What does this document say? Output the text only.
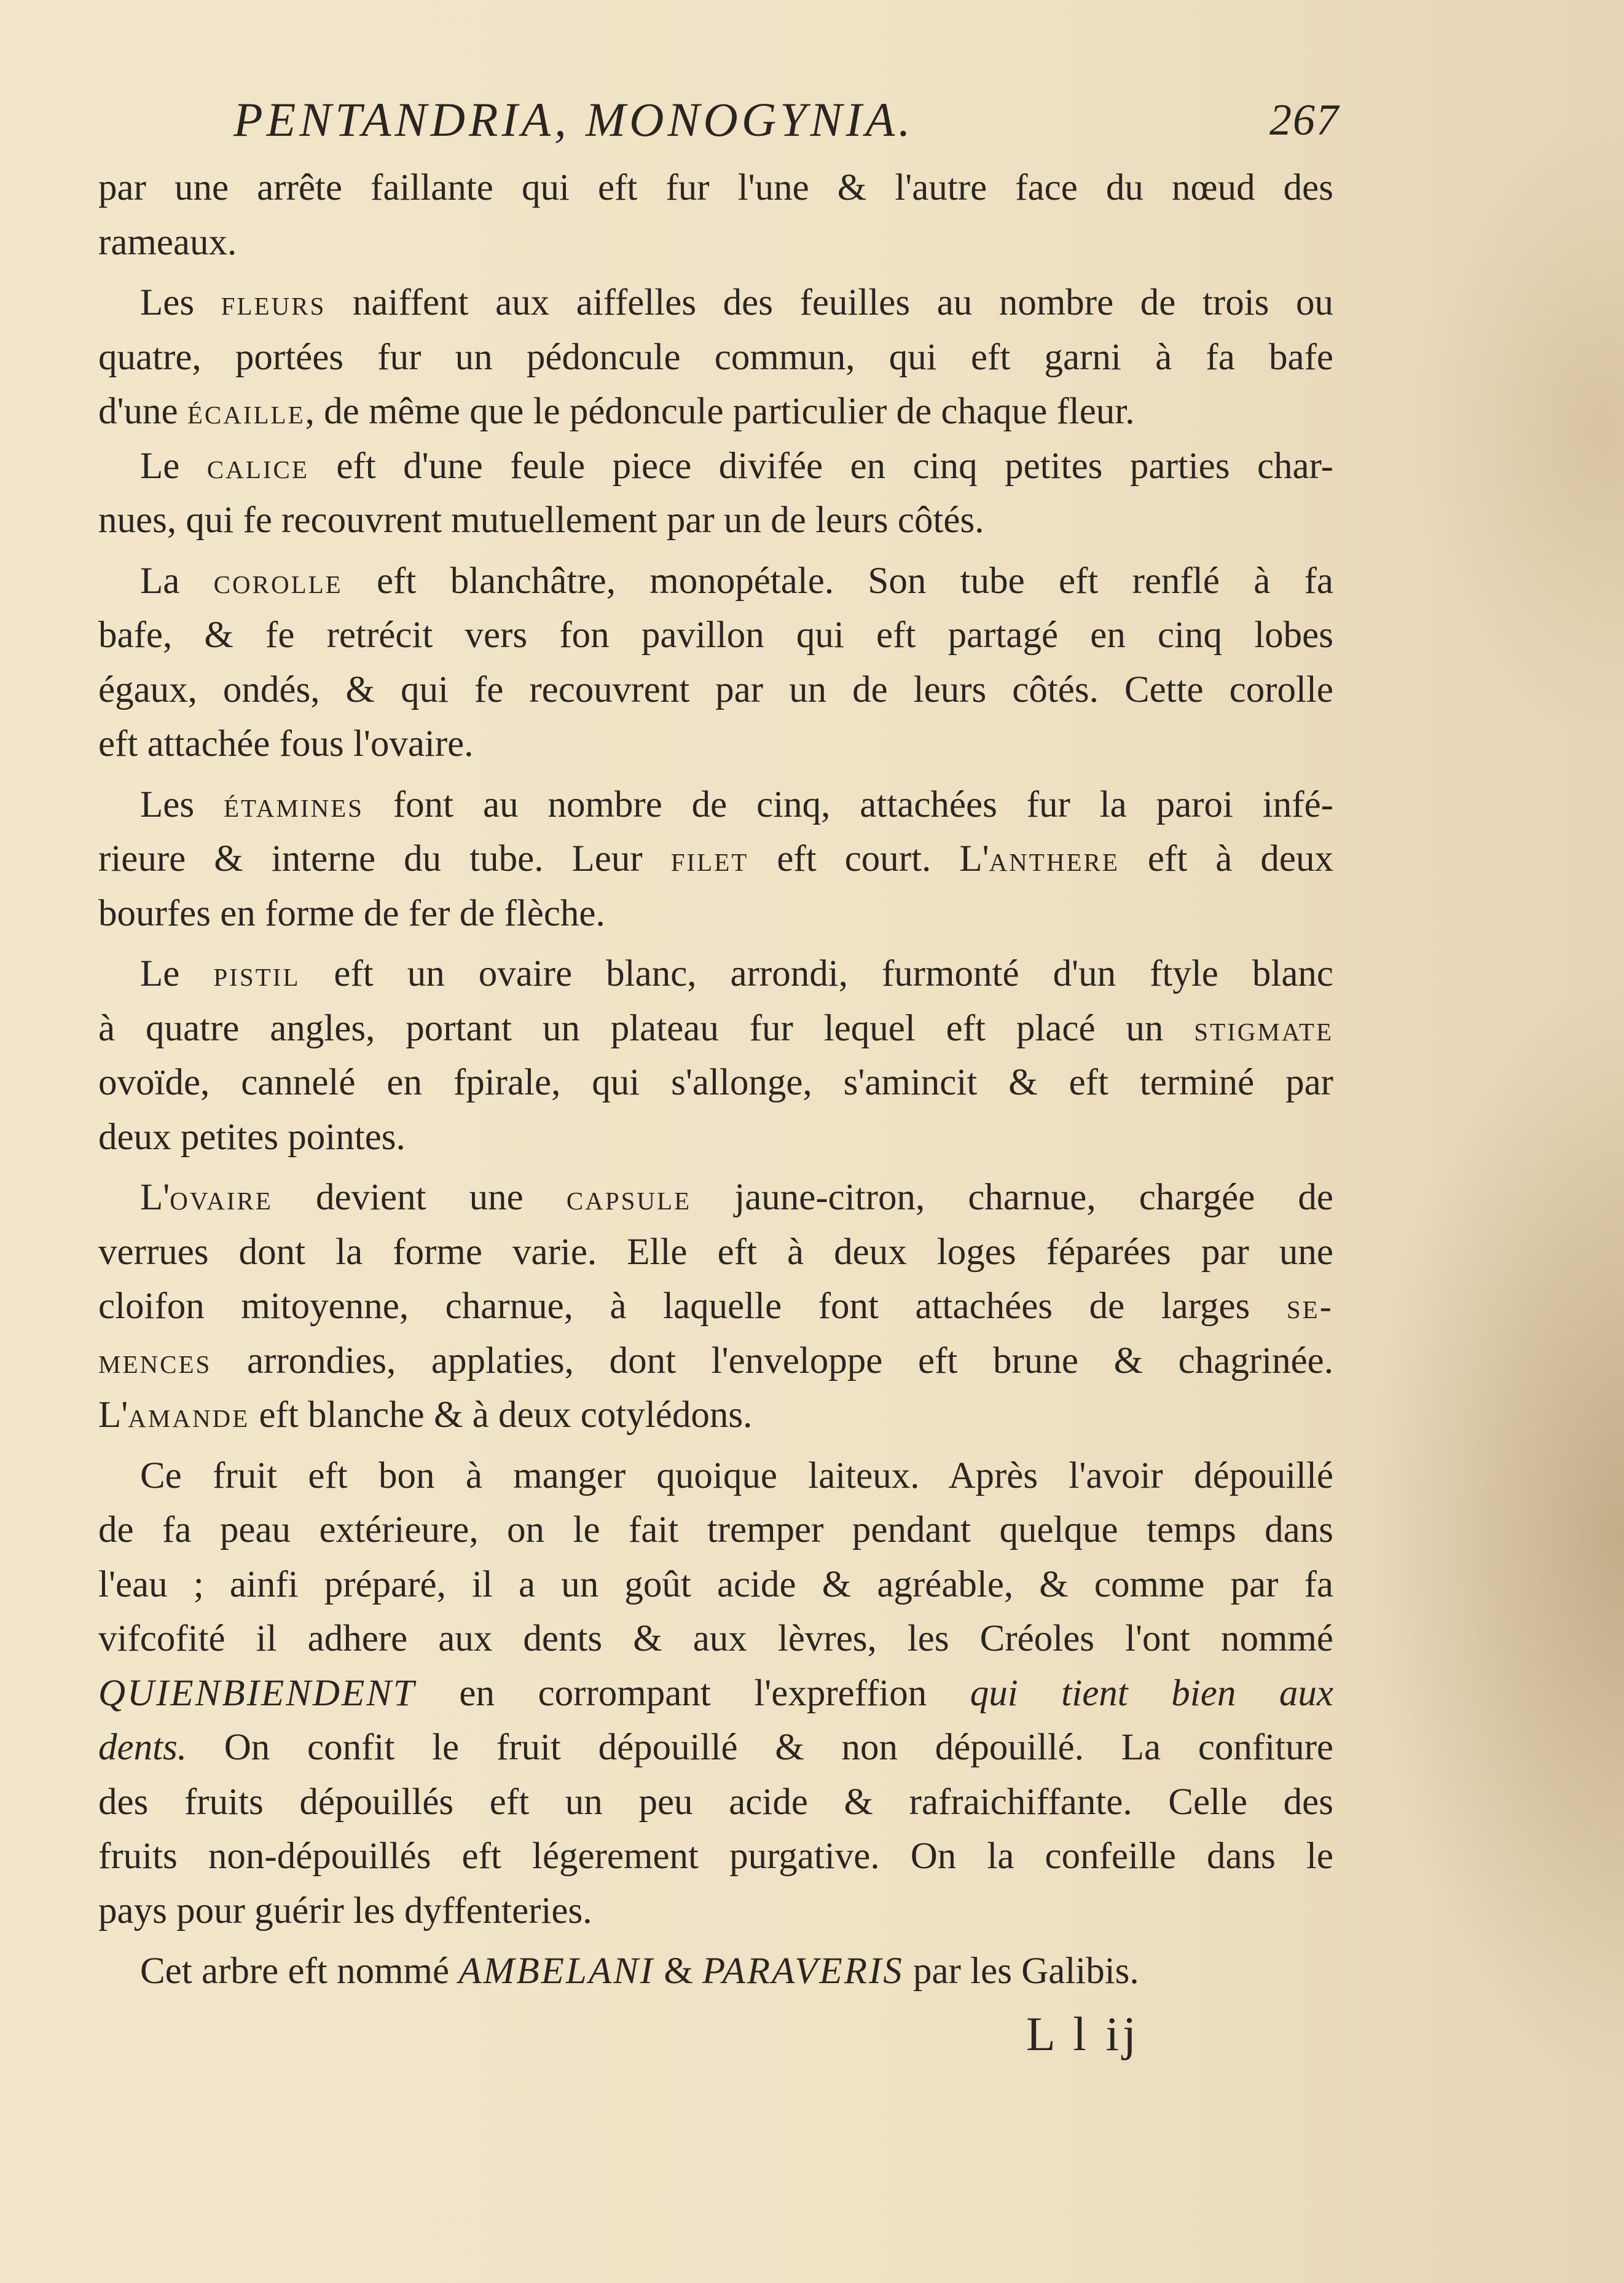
PENTANDRIA, MONOGYNIA.	267
par une arrête faillante qui eft fur l'une & l'autre face du nœud des
rameaux.
Les fleurs naiffent aux aiffelles des feuilles au nombre de trois ou
quatre, portées fur un pédoncule commun, qui eft garni à fa bafe
d'une écaille, de même que le pédoncule particulier de chaque fleur.
Le calice eft d'une feule piece divifée en cinq petites parties char-
nues, qui fe recouvrent mutuellement par un de leurs côtés.
La corolle eft blanchâtre, monopétale. Son tube eft renflé à fa
bafe, & fe retrécit vers fon pavillon qui eft partagé en cinq lobes
égaux, ondés, & qui fe recouvrent par un de leurs côtés. Cette corolle
eft attachée fous l'ovaire.
Les étamines font au nombre de cinq, attachées fur la paroi infé-
rieure & interne du tube. Leur filet eft court. L'anthere eft à deux
bourfes en forme de fer de flèche.
Le pistil eft un ovaire blanc, arrondi, furmonté d'un ftyle blanc
à quatre angles, portant un plateau fur lequel eft placé un stigmate
ovoïde, cannelé en fpirale, qui s'allonge, s'amincit & eft terminé par
deux petites pointes.
L'ovaire devient une capsule jaune-citron, charnue, chargée de
verrues dont la forme varie. Elle eft à deux loges féparées par une
cloifon mitoyenne, charnue, à laquelle font attachées de larges se-
mences arrondies, applaties, dont l'enveloppe eft brune & chagrinée.
L'amande eft blanche & à deux cotylédons.
Ce fruit eft bon à manger quoique laiteux. Après l'avoir dépouillé
de fa peau extérieure, on le fait tremper pendant quelque temps dans
l'eau ; ainfi préparé, il a un goût acide & agréable, & comme par fa
vifcofité il adhere aux dents & aux lèvres, les Créoles l'ont nommé
QUIENBIENDENT en corrompant l'expreffion qui tient bien aux
dents. On confit le fruit dépouillé & non dépouillé. La confiture
des fruits dépouillés eft un peu acide & rafraichiffante. Celle des
fruits non-dépouillés eft légerement purgative. On la confeille dans le
pays pour guérir les dyffenteries.
Cet arbre eft nommé AMBELANI & PARAVERIS par les Galibis.
L l ij
